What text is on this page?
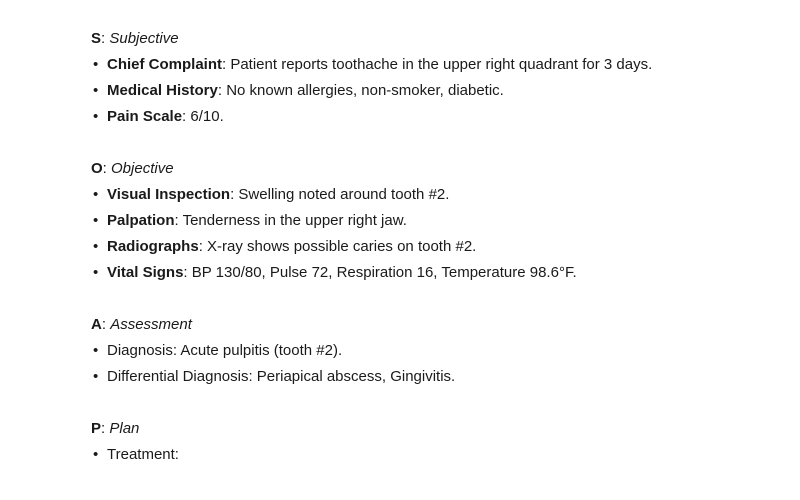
S: Subjective
• Chief Complaint: Patient reports toothache in the upper right quadrant for 3 days.
• Medical History: No known allergies, non-smoker, diabetic.
• Pain Scale: 6/10.
O: Objective
• Visual Inspection: Swelling noted around tooth #2.
• Palpation: Tenderness in the upper right jaw.
• Radiographs: X-ray shows possible caries on tooth #2.
• Vital Signs: BP 130/80, Pulse 72, Respiration 16, Temperature 98.6°F.
A: Assessment
• Diagnosis: Acute pulpitis (tooth #2).
• Differential Diagnosis: Periapical abscess, Gingivitis.
P: Plan
• Treatment:
